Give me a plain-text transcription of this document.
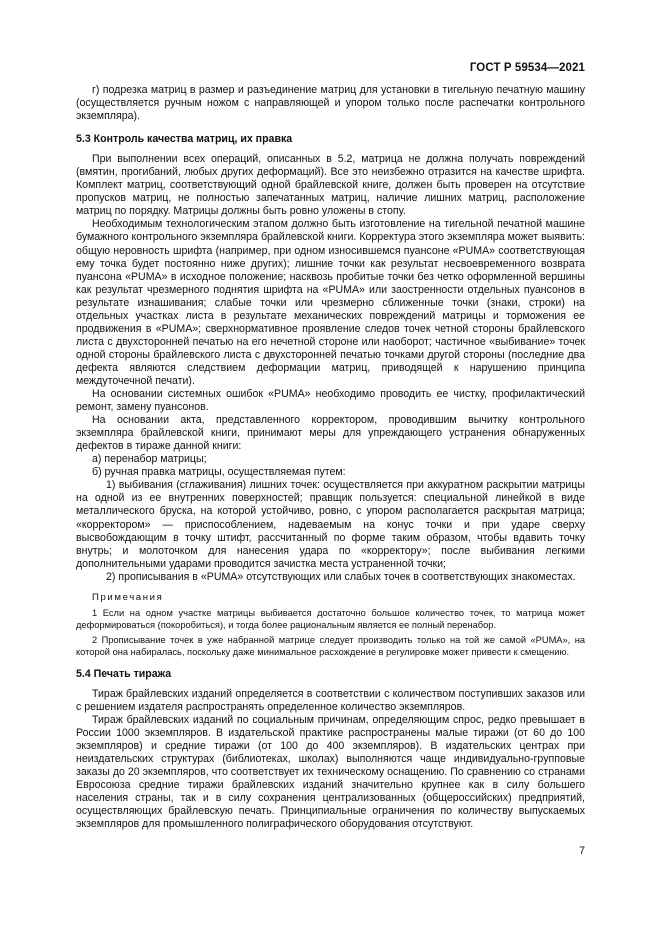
ГОСТ Р 59534—2021

г) подрезка матриц в размер и разъединение матриц для установки в тигельную печатную машину (осуществляется ручным ножом с направляющей и упором только после распечатки контрольного экземпляра).

5.3 Контроль качества матриц, их правка

При выполнении всех операций, описанных в 5.2, матрица не должна получать повреждений (вмятин, прогибаний, любых других деформаций). Все это неизбежно отразится на качестве шрифта. Комплект матриц, соответствующий одной брайлевской книге, должен быть проверен на отсутствие пропусков матриц, не полностью запечатанных матриц, наличие лишних матриц, расположение матриц по порядку. Матрицы должны быть ровно уложены в стопу.

Необходимым технологическим этапом должно быть изготовление на тигельной печатной машине бумажного контрольного экземпляра брайлевской книги. Корректура этого экземпляра может выявить: общую неровность шрифта (например, при одном износившемся пуансоне «PUMA» соответствующая ему точка будет постоянно ниже других); лишние точки как результат несвоевременного возврата пуансона «PUMA» в исходное положение; насквозь пробитые точки без четко оформленной вершины как результат чрезмерного поднятия шрифта на «PUMA» или заостренности отдельных пуансонов в результате изнашивания; слабые точки или чрезмерно сближенные точки (знаки, строки) на отдельных участках листа в результате механических повреждений матрицы и торможения ее продвижения в «PUMA»; сверхнормативное проявление следов точек четной стороны брайлевского листа с двухсторонней печатью на его нечетной стороне или наоборот; частичное «выбивание» точек одной стороны брайлевского листа с двухсторонней печатью точками другой стороны (последние два дефекта являются следствием деформации матриц, приводящей к нарушению принципа междуточечной печати).

На основании системных ошибок «PUMA» необходимо проводить ее чистку, профилактический ремонт, замену пуансонов.

На основании акта, представленного корректором, проводившим вычитку контрольного экземпляра брайлевской книги, принимают меры для упреждающего устранения обнаруженных дефектов в тираже данной книги:

а) перенабор матрицы;

б) ручная правка матрицы, осуществляемая путем:

1) выбивания (сглаживания) лишних точек: осуществляется при аккуратном раскрытии матрицы на одной из ее внутренних поверхностей; правщик пользуется: специальной линейкой в виде металлического бруска, на которой устойчиво, ровно, с упором располагается раскрытая матрица; «корректором» — приспособлением, надеваемым на конус точки и при ударе сверху высвобождающим в точку штифт, рассчитанный по форме таким образом, чтобы вдавить точку внутрь; и молоточком для нанесения удара по «корректору»; после выбивания легкими дополнительными ударами проводится зачистка места устраненной точки;

2) прописывания в «PUMA» отсутствующих или слабых точек в соответствующих знакоместах.

Примечания

1 Если на одном участке матрицы выбивается достаточно большое количество точек, то матрица может деформироваться (покоробиться), и тогда более рациональным является ее полный перенабор.

2 Прописывание точек в уже набранной матрице следует производить только на той же самой «PUMA», на которой она набиралась, поскольку даже минимальное расхождение в регулировке может привести к смещению.

5.4 Печать тиража

Тираж брайлевских изданий определяется в соответствии с количеством поступивших заказов или с решением издателя распространять определенное количество экземпляров.

Тираж брайлевских изданий по социальным причинам, определяющим спрос, редко превышает в России 1000 экземпляров. В издательской практике распространены малые тиражи (от 60 до 100 экземпляров) и средние тиражи (от 100 до 400 экземпляров). В издательских центрах при неиздательских структурах (библиотеках, школах) выполняются чаще индивидуально-групповые заказы до 20 экземпляров, что соответствует их техническому оснащению. По сравнению со странами Евросоюза средние тиражи брайлевских изданий значительно крупнее как в силу большего населения страны, так и в силу сохранения централизованных (общероссийских) предприятий, осуществляющих брайлевскую печать. Принципиальные ограничения по количеству выпускаемых экземпляров для промышленного полиграфического оборудования отсутствуют.

7
